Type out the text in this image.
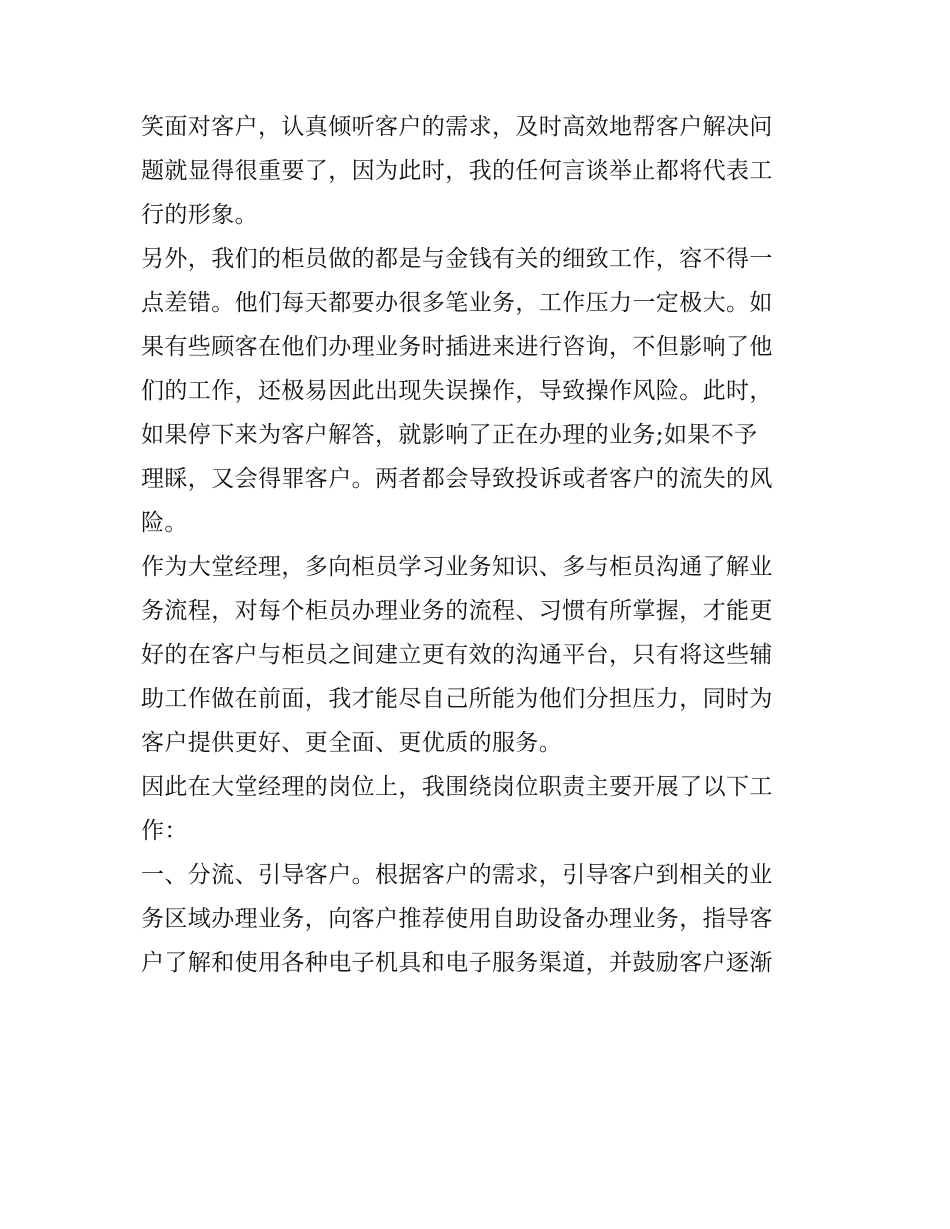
笑面对客户，认真倾听客户的需求，及时高效地帮客户解决问
题就显得很重要了，因为此时，我的任何言谈举止都将代表工
行的形象。
另外，我们的柜员做的都是与金钱有关的细致工作，容不得一
点差错。他们每天都要办很多笔业务，工作压力一定极大。如
果有些顾客在他们办理业务时插进来进行咨询，不但影响了他
们的工作，还极易因此出现失误操作，导致操作风险。此时，
如果停下来为客户解答，就影响了正在办理的业务;如果不予
理睬，又会得罪客户。两者都会导致投诉或者客户的流失的风
险。
作为大堂经理，多向柜员学习业务知识、多与柜员沟通了解业
务流程，对每个柜员办理业务的流程、习惯有所掌握，才能更
好的在客户与柜员之间建立更有效的沟通平台，只有将这些辅
助工作做在前面，我才能尽自己所能为他们分担压力，同时为
客户提供更好、更全面、更优质的服务。
因此在大堂经理的岗位上，我围绕岗位职责主要开展了以下工
作：
一、分流、引导客户。根据客户的需求，引导客户到相关的业
务区域办理业务，向客户推荐使用自助设备办理业务，指导客
户了解和使用各种电子机具和电子服务渠道，并鼓励客户逐渐
